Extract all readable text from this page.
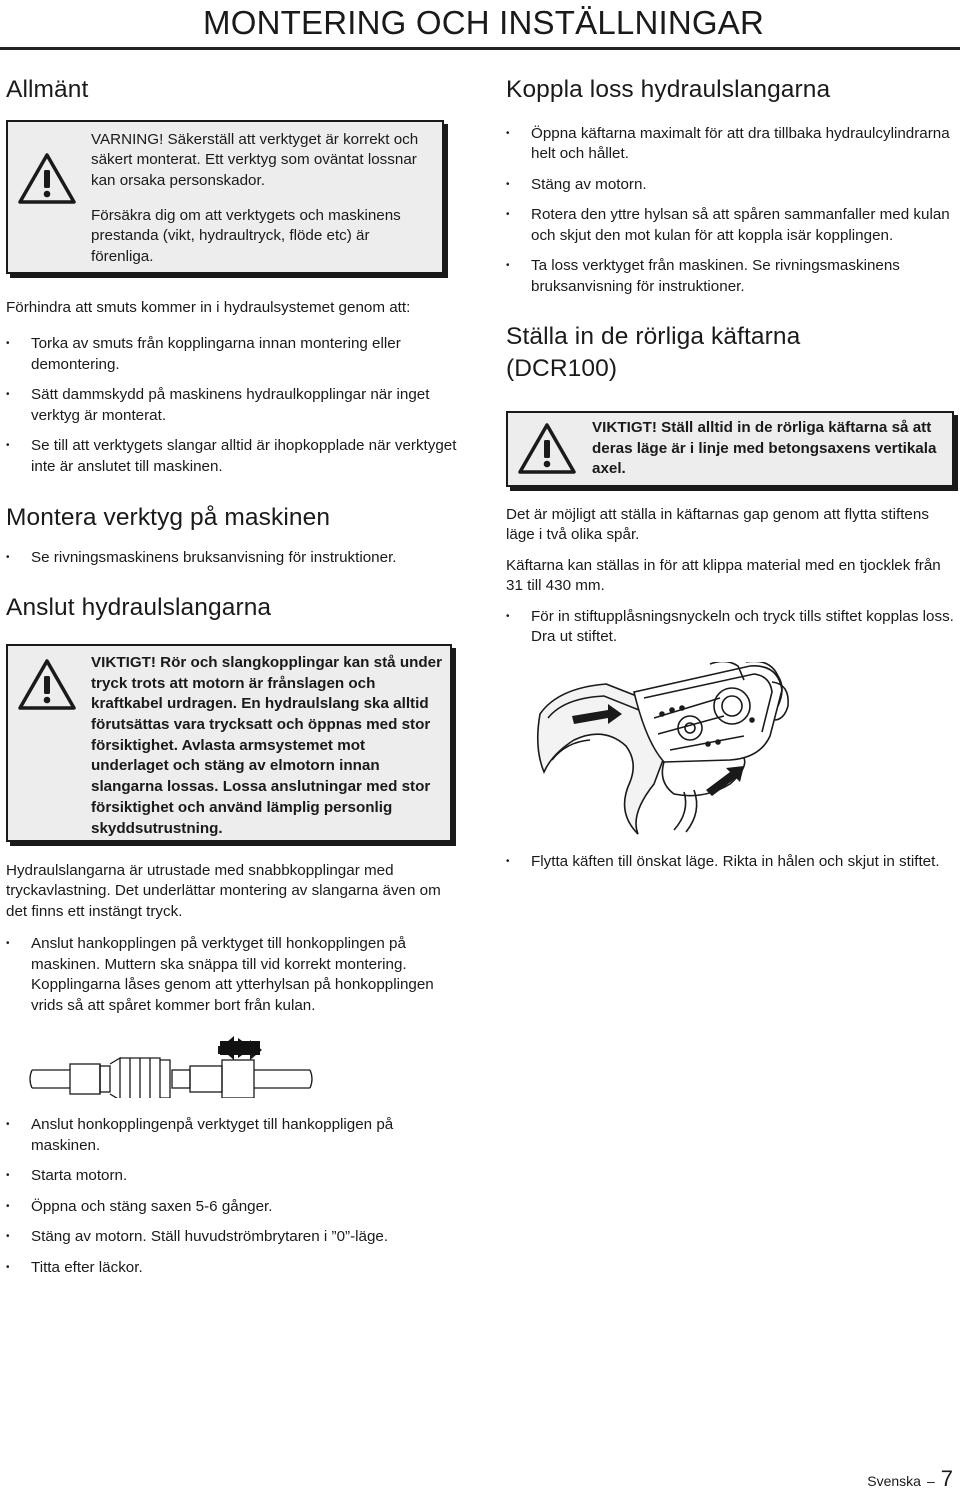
MONTERING OCH INSTÄLLNINGAR
Allmänt
VARNING! Säkerställ att verktyget är korrekt och säkert monterat. Ett verktyg som oväntat lossnar kan orsaka personskador.
Försäkra dig om att verktygets och maskinens prestanda (vikt, hydraultryck, flöde etc) är förenliga.

Förhindra att smuts kommer in i hydraulsystemet genom att:

• Torka av smuts från kopplingarna innan montering eller demontering.
• Sätt dammskydd på maskinens hydraulkopplingar när inget verktyg är monterat.
• Se till att verktygets slangar alltid är ihopkopplade när verktyget inte är anslutet till maskinen.
Montera verktyg på maskinen
• Se rivningsmaskinens bruksanvisning för instruktioner.
Anslut hydraulslangarna
VIKTIGT! Rör och slangkopplingar kan stå under tryck trots att motorn är frånslagen och kraftkabel urdragen. En hydraulslang ska alltid förutsättas vara trycksatt och öppnas med stor försiktighet. Avlasta armsystemet mot underlaget och stäng av elmotorn innan slangarna lossas. Lossa anslutningar med stor försiktighet och använd lämplig personlig skyddsutrustning.

Hydraulslangarna är utrustade med snabbkopplingar med tryckavlastning. Det underlättar montering av slangarna även om det finns ett instängt tryck.

• Anslut hankopplingen på verktyget till honkopplingen på maskinen. Muttern ska snäppa till vid korrekt montering. Kopplingarna låses genom att ytterhylsan på honkopplingen vrids så att spåret kommer bort från kulan.
• Anslut honkopplingenpå verktyget till hankoppligen på maskinen.
• Starta motorn.
• Öppna och stäng saxen 5-6 gånger.
• Stäng av motorn. Ställ huvudströmbrytaren i ”0”-läge.
• Titta efter läckor.
Koppla loss hydraulslangarna
• Öppna käftarna maximalt för att dra tillbaka hydraulcylindrarna helt och hållet.
• Stäng av motorn.
• Rotera den yttre hylsan så att spåren sammanfaller med kulan och skjut den mot kulan för att koppla isär kopplingen.
• Ta loss verktyget från maskinen. Se rivningsmaskinens bruksanvisning för instruktioner.
Ställa in de rörliga käftarna
(DCR100)
VIKTIGT! Ställ alltid in de rörliga käftarna så att deras läge är i linje med betongsaxens vertikala axel.

Det är möjligt att ställa in käftarnas gap genom att flytta stiftens läge i två olika spår.

Käftarna kan ställas in för att klippa material med en tjocklek från 31 till 430 mm.

• För in stiftupplåsningsnyckeln och tryck tills stiftet kopplas loss. Dra ut stiftet.
• Flytta käften till önskat läge. Rikta in hålen och skjut in stiftet.
Svenska – 7
